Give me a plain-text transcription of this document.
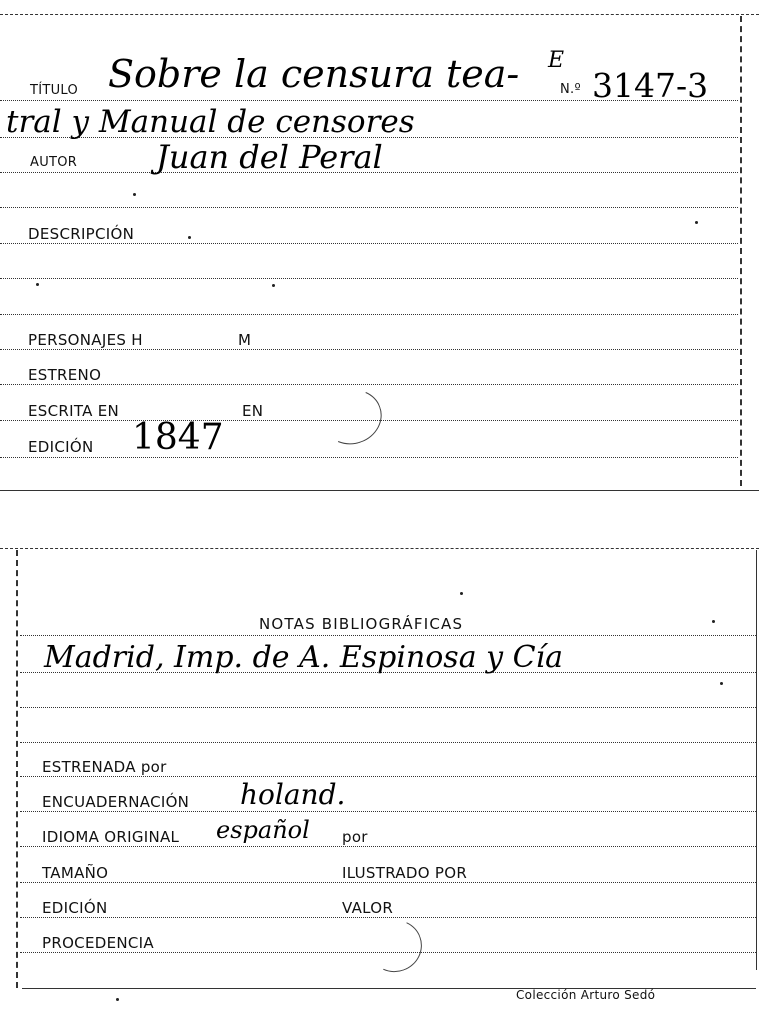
TÍTULO Sobre la censura tea- E
N.º 3147-3
tral y Manual de censores
AUTOR Juan del Peral
DESCRIPCIÓN
PERSONAJES H	M
ESTRENO
ESCRITA EN	EN
EDICIÓN 1847
NOTAS BIBLIOGRÁFICAS
Madrid, Imp. de A. Espinosa y Cía
ESTRENADA por
ENCUADERNACIÓN holand.
IDIOMA ORIGINAL español por
TAMAÑO	ILUSTRADO POR
EDICIÓN	VALOR
PROCEDENCIA
Colección Arturo Sedó
